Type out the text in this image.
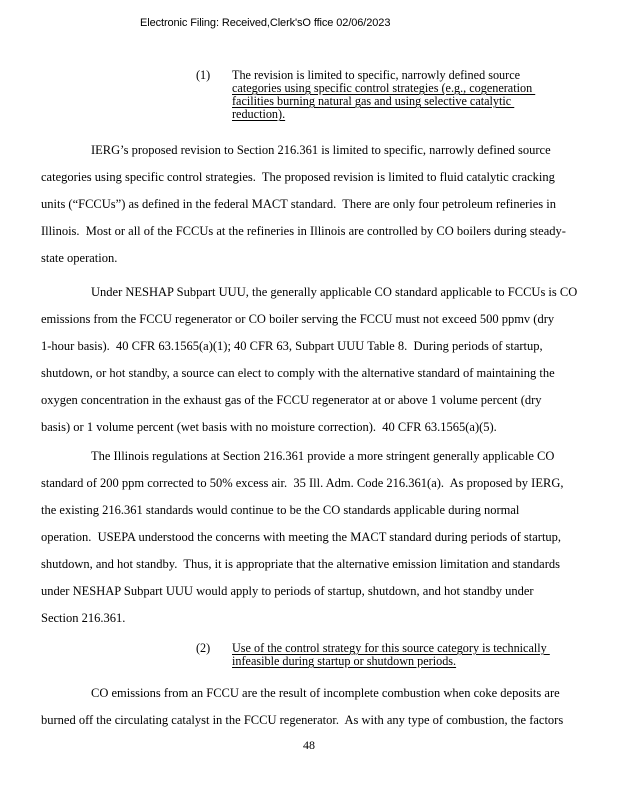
Electronic Filing: Received,Clerk'sO ffice 02/06/2023
(1)	The revision is limited to specific, narrowly defined source
categories using specific control strategies (e.g., cogeneration
facilities burning natural gas and using selective catalytic
reduction).
IERG’s proposed revision to Section 216.361 is limited to specific, narrowly defined source
categories using specific control strategies.  The proposed revision is limited to fluid catalytic cracking
units (“FCCUs”) as defined in the federal MACT standard.  There are only four petroleum refineries in
Illinois.  Most or all of the FCCUs at the refineries in Illinois are controlled by CO boilers during steady-
state operation.
Under NESHAP Subpart UUU, the generally applicable CO standard applicable to FCCUs is CO
emissions from the FCCU regenerator or CO boiler serving the FCCU must not exceed 500 ppmv (dry
1-hour basis).  40 CFR 63.1565(a)(1); 40 CFR 63, Subpart UUU Table 8.  During periods of startup,
shutdown, or hot standby, a source can elect to comply with the alternative standard of maintaining the
oxygen concentration in the exhaust gas of the FCCU regenerator at or above 1 volume percent (dry
basis) or 1 volume percent (wet basis with no moisture correction).  40 CFR 63.1565(a)(5).
The Illinois regulations at Section 216.361 provide a more stringent generally applicable CO
standard of 200 ppm corrected to 50% excess air.  35 Ill. Adm. Code 216.361(a).  As proposed by IERG,
the existing 216.361 standards would continue to be the CO standards applicable during normal
operation.  USEPA understood the concerns with meeting the MACT standard during periods of startup,
shutdown, and hot standby.  Thus, it is appropriate that the alternative emission limitation and standards
under NESHAP Subpart UUU would apply to periods of startup, shutdown, and hot standby under
Section 216.361.
(2)	Use of the control strategy for this source category is technically
infeasible during startup or shutdown periods.
CO emissions from an FCCU are the result of incomplete combustion when coke deposits are
burned off the circulating catalyst in the FCCU regenerator.  As with any type of combustion, the factors
48
